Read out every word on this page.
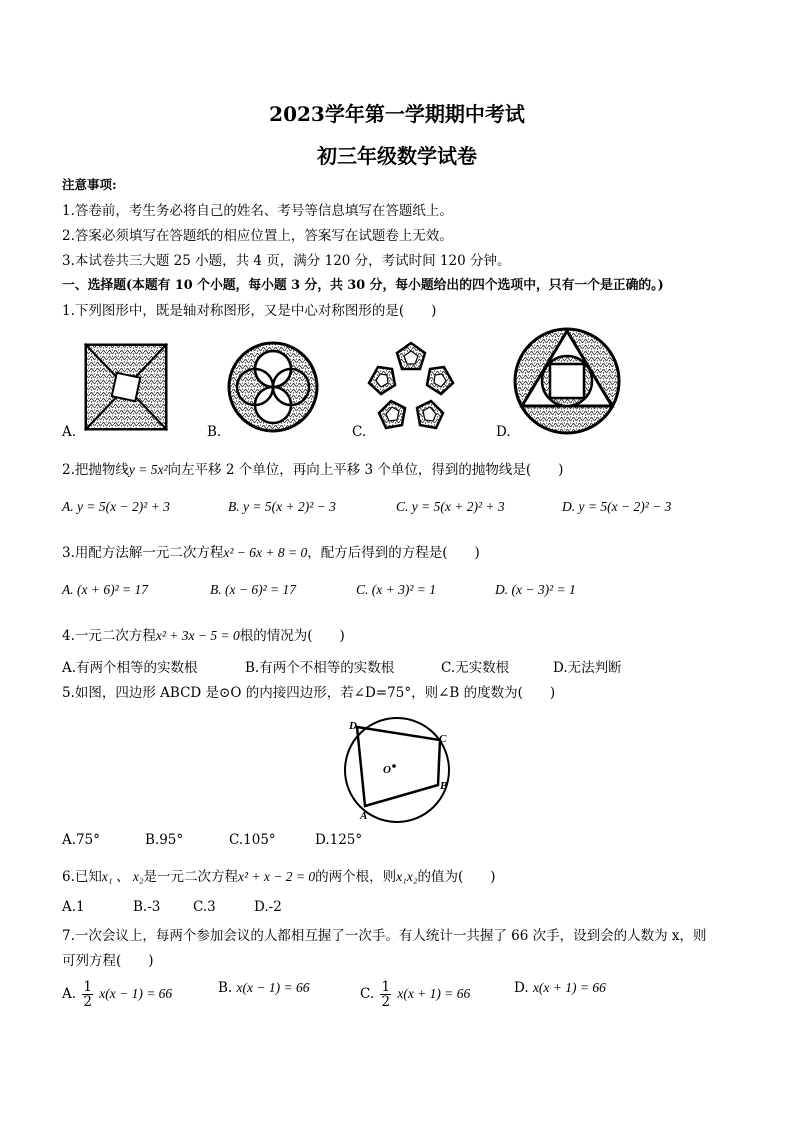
2023学年第一学期期中考试
初三年级数学试卷
注意事项:
1.答卷前，考生务必将自己的姓名、考号等信息填写在答题纸上。
2.答案必须填写在答题纸的相应位置上，答案写在试题卷上无效。
3.本试卷共三大题 25 小题，共 4 页，满分 120 分，考试时间 120 分钟。
一、选择题(本题有 10 个小题，每小题 3 分，共 30 分，每小题给出的四个选项中，只有一个是正确的。)
1.下列图形中，既是轴对称图形，又是中心对称图形的是(　　)
A.	B.	C.	D.
2.把抛物线y = 5x²向左平移 2 个单位，再向上平移 3 个单位，得到的抛物线是(　　)
A. y = 5(x − 2)² + 3	B. y = 5(x + 2)² − 3	C. y = 5(x + 2)² + 3	D. y = 5(x − 2)² − 3
3.用配方法解一元二次方程x² − 6x + 8 = 0，配方后得到的方程是(　　)
A. (x + 6)² = 17	B. (x − 6)² = 17	C. (x + 3)² = 1	D. (x − 3)² = 1
4.一元二次方程x² + 3x − 5 = 0根的情况为(　　)
A.有两个相等的实数根	B.有两个不相等的实数根	C.无实数根	D.无法判断
5.如图，四边形 ABCD 是⊙O 的内接四边形，若∠D=75°，则∠B 的度数为(　　)
D
C
B
A
O
A.75°	B.95°	C.105°	D.125°
6.已知x₁ 、 x₂是一元二次方程x² + x − 2 = 0的两个根，则x₁x₂的值为(　　)
A.1	B.-3 C.3	D.-2
7.一次会议上，每两个参加会议的人都相互握了一次手。有人统计一共握了 66 次手，设到会的人数为 x，则
可列方程(　　)
A. $\frac{1}{2} x(x - 1) = 66$	B. x(x − 1) = 66	C. $\frac{1}{2} x(x + 1) = 66$	D. x(x + 1) = 66
